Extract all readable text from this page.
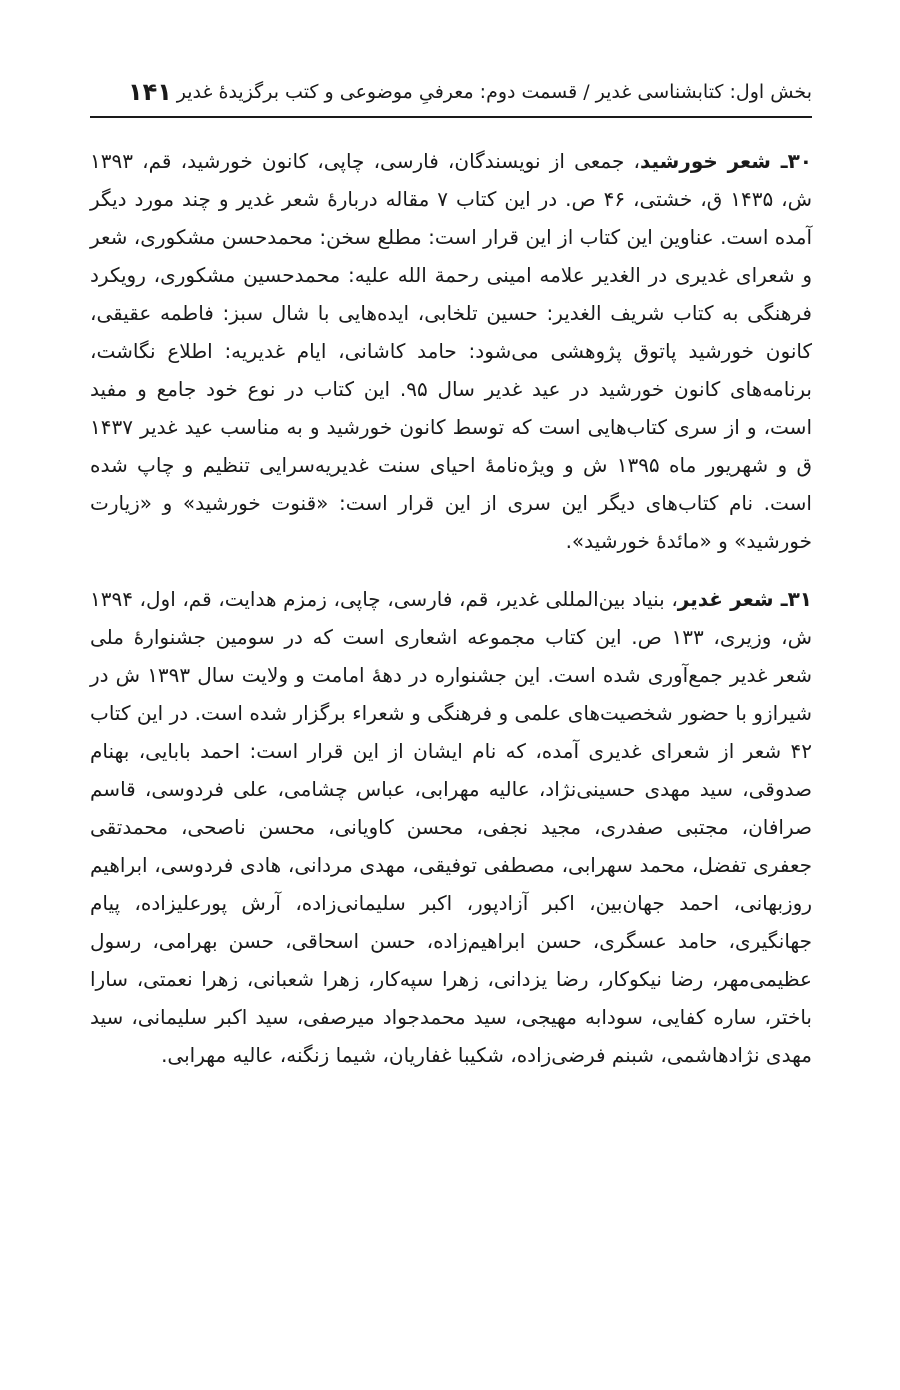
بخش اول: کتابشناسی غدیر / قسمت دوم: معرفیِ موضوعی و کتب برگزیدهٔ غدیر
۱۴۱

۳۰ـ شعر خورشید، جمعی از نویسندگان، فارسی، چاپی، کانون خورشید، قم، ۱۳۹۳ ش، ۱۴۳۵ ق، خشتی، ۴۶ ص. در این کتاب ۷ مقاله دربارهٔ شعر غدیر و چند مورد دیگر آمده است. عناوین این کتاب از این قرار است: مطلع سخن: محمدحسن مشکوری، شعر و شعرای غدیری در الغدیر علامه امینی رحمة الله علیه: محمدحسین مشکوری، رویکرد فرهنگی به کتاب شریف الغدیر: حسین تلخابی، ایده‌هایی با شال سبز: فاطمه عقیقی، کانون خورشید پاتوق پژوهشی می‌شود: حامد کاشانی، ایام غدیریه: اطلاع نگاشت، برنامه‌های کانون خورشید در عید غدیر سال ۹۵. این کتاب در نوع خود جامع و مفید است، و از سری کتاب‌هایی است که توسط کانون خورشید و به مناسب عید غدیر ۱۴۳۷ ق و شهریور ماه ۱۳۹۵ ش و ویژه‌نامهٔ احیای سنت غدیریه‌سرایی تنظیم و چاپ شده است. نام کتاب‌های دیگر این سری از این قرار است: «قنوت خورشید» و «زیارت خورشید» و «مائدهٔ خورشید».

۳۱ـ شعر غدیر، بنیاد بین‌المللی غدیر، قم، فارسی، چاپی، زمزم هدایت، قم، اول، ۱۳۹۴ ش، وزیری، ۱۳۳ ص. این کتاب مجموعه اشعاری است که در سومین جشنوارهٔ ملی شعر غدیر جمع‌آوری شده است. این جشنواره در دههٔ امامت و ولایت سال ۱۳۹۳ ش در شیرازو با حضور شخصیت‌های علمی و فرهنگی و شعراء برگزار شده است. در این کتاب ۴۲ شعر از شعرای غدیری آمده، که نام ایشان از این قرار است: احمد بابایی، بهنام صدوقی، سید مهدی حسینی‌نژاد، عالیه مهرابی، عباس چشامی، علی فردوسی، قاسم صرافان، مجتبی صفدری، مجید نجفی، محسن کاویانی، محسن ناصحی، محمدتقی جعفری تفضل، محمد سهرابی، مصطفی توفیقی، مهدی مردانی، هادی فردوسی، ابراهیم روزبهانی، احمد جهان‌بین، اکبر آزادپور، اکبر سلیمانی‌زاده، آرش پورعلیزاده، پیام جهانگیری، حامد عسگری، حسن ابراهیم‌زاده، حسن اسحاقی، حسن بهرامی، رسول عظیمی‌مهر، رضا نیکوکار، رضا یزدانی، زهرا سپه‌کار، زهرا شعبانی، زهرا نعمتی، سارا باختر، ساره کفایی، سودابه مهیجی، سید محمدجواد میرصفی، سید اکبر سلیمانی، سید مهدی نژادهاشمی، شبنم فرضی‌زاده، شکیبا غفاریان، شیما زنگنه، عالیه مهرابی.
